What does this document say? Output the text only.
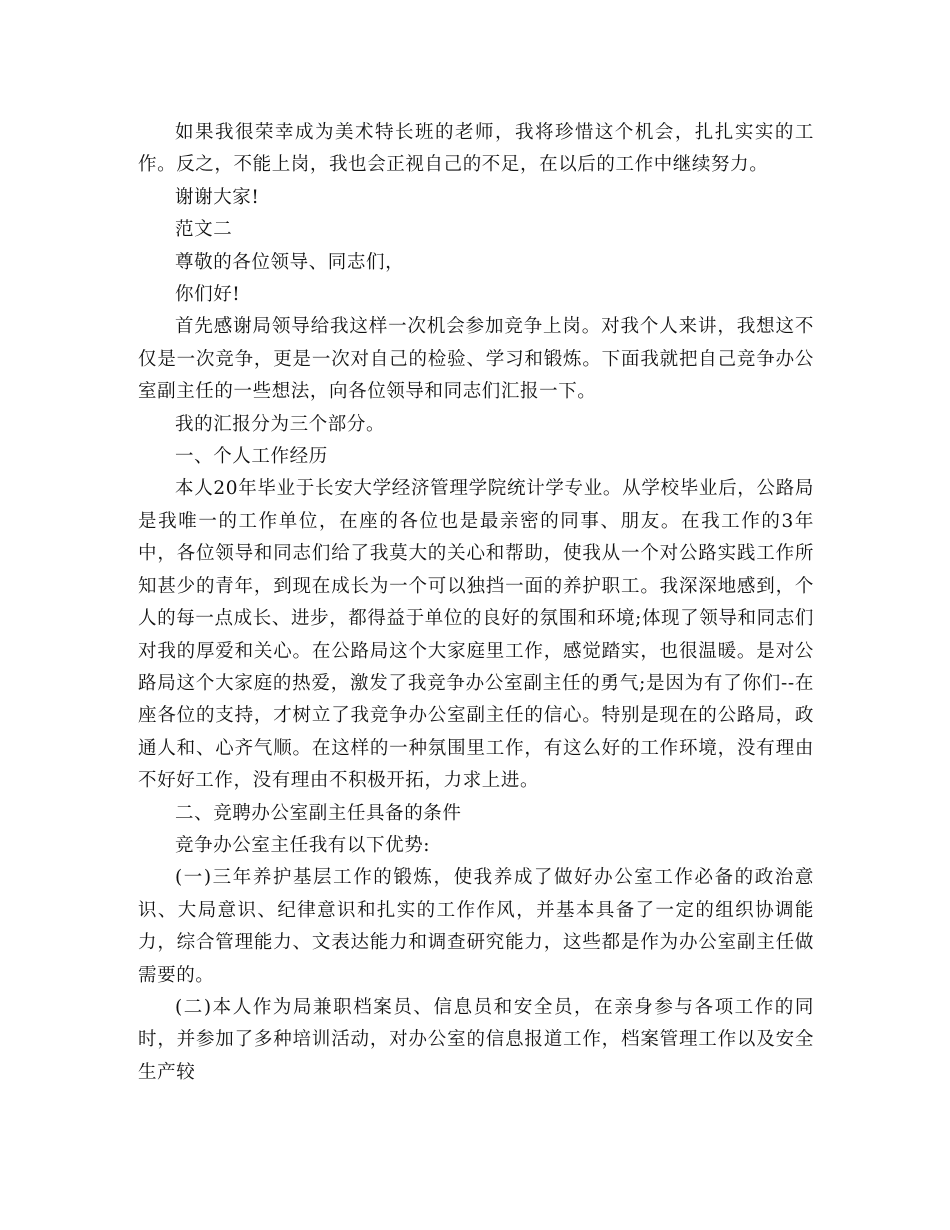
如果我很荣幸成为美术特长班的老师，我将珍惜这个机会，扎扎实实的工作。反之，不能上岗，我也会正视自己的不足，在以后的工作中继续努力。

谢谢大家!

范文二

尊敬的各位领导、同志们，

你们好!

首先感谢局领导给我这样一次机会参加竞争上岗。对我个人来讲，我想这不仅是一次竞争，更是一次对自己的检验、学习和锻炼。下面我就把自己竞争办公室副主任的一些想法，向各位领导和同志们汇报一下。

我的汇报分为三个部分。

一、个人工作经历

本人20年毕业于长安大学经济管理学院统计学专业。从学校毕业后，公路局是我唯一的工作单位，在座的各位也是最亲密的同事、朋友。在我工作的3年中，各位领导和同志们给了我莫大的关心和帮助，使我从一个对公路实践工作所知甚少的青年，到现在成长为一个可以独挡一面的养护职工。我深深地感到，个人的每一点成长、进步，都得益于单位的良好的氛围和环境;体现了领导和同志们对我的厚爱和关心。在公路局这个大家庭里工作，感觉踏实，也很温暖。是对公路局这个大家庭的热爱，激发了我竞争办公室副主任的勇气;是因为有了你们--在座各位的支持，才树立了我竞争办公室副主任的信心。特别是现在的公路局，政通人和、心齐气顺。在这样的一种氛围里工作，有这么好的工作环境，没有理由不好好工作，没有理由不积极开拓，力求上进。

二、竞聘办公室副主任具备的条件

竞争办公室主任我有以下优势:

(一)三年养护基层工作的锻炼，使我养成了做好办公室工作必备的政治意识、大局意识、纪律意识和扎实的工作作风，并基本具备了一定的组织协调能力，综合管理能力、文表达能力和调查研究能力，这些都是作为办公室副主任做需要的。

(二)本人作为局兼职档案员、信息员和安全员，在亲身参与各项工作的同时，并参加了多种培训活动，对办公室的信息报道工作，档案管理工作以及安全生产较
